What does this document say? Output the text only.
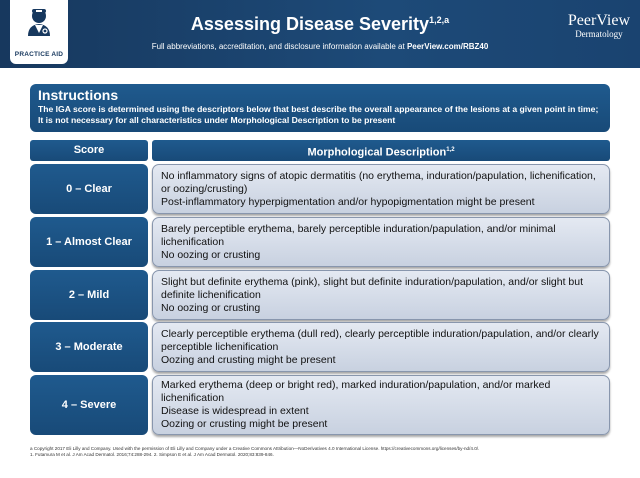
PRACTICE AID
Assessing Disease Severity$^{1,2,a}$
Full abbreviations, accreditation, and disclosure information available at PeerView.com/RBZ40
PeerView
Dermatology
Instructions
The IGA score is determined using the descriptors below that best describe the overall appearance of the lesions at a given point in time; It is not necessary for all characteristics under Morphological Description to be present
Score	Morphological Description$^{1,2}$
0 – Clear
No inflammatory signs of atopic dermatitis (no erythema, induration/papulation, lichenification, or oozing/crusting)
Post-inflammatory hyperpigmentation and/or hypopigmentation might be present
1 – Almost Clear
Barely perceptible erythema, barely perceptible induration/papulation, and/or minimal lichenification
No oozing or crusting
2 – Mild
Slight but definite erythema (pink), slight but definite induration/papulation, and/or slight but definite lichenification
No oozing or crusting
3 – Moderate
Clearly perceptible erythema (dull red), clearly perceptible induration/papulation, and/or clearly perceptible lichenification
Oozing and crusting might be present
4 – Severe
Marked erythema (deep or bright red), marked induration/papulation, and/or marked lichenification
Disease is widespread in extent
Oozing or crusting might be present
a Copyright 2017 Eli Lilly and Company. Used with the permission of Eli Lilly and Company under a Creative Commons Attribution—NoDerivatives 4.0 International License. https://creativecommons.org/licenses/by-nd/4.0/.
1. Futamura M et al. J Am Acad Dermatol. 2016;74:288-294. 2. Simpson E et al. J Am Acad Dermatol. 2020;83:839-846.
